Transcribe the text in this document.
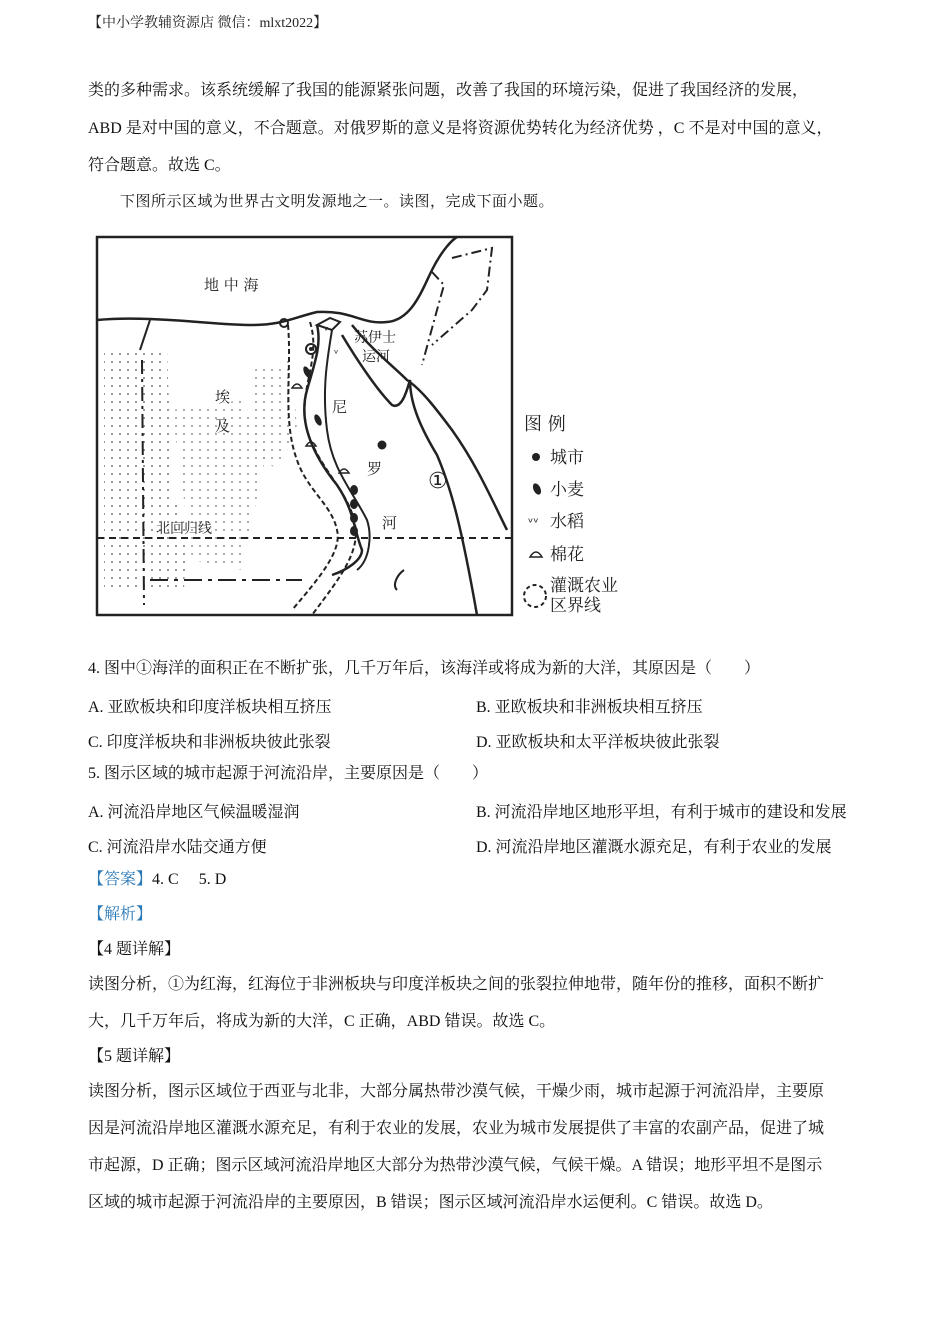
【中小学教辅资源店 微信：mlxt2022】
类的多种需求。该系统缓解了我国的能源紧张问题，改善了我国的环境污染，促进了我国经济的发展，
ABD 是对中国的意义，不合题意。对俄罗斯的意义是将资源优势转化为经济优势 ，C 不是对中国的意义，
符合题意。故选 C。
下图所示区域为世界古文明发源地之一。读图，完成下面小题。
ᵛ
ᵛ
地 中 海
苏伊士
运河
埃
及
尼
罗
河
北回归线
①
图 例
城市
小麦
ᵛᵛ 水稻
棉花
灌溉农业
区界线
4. 图中①海洋的面积正在不断扩张，几千万年后，该海洋或将成为新的大洋，其原因是（　　）
A. 亚欧板块和印度洋板块相互挤压	B. 亚欧板块和非洲板块相互挤压
C. 印度洋板块和非洲板块彼此张裂	D. 亚欧板块和太平洋板块彼此张裂
5. 图示区域的城市起源于河流沿岸，主要原因是（　　）
A. 河流沿岸地区气候温暖湿润	B. 河流沿岸地区地形平坦，有利于城市的建设和发展
C. 河流沿岸水陆交通方便	D. 河流沿岸地区灌溉水源充足，有利于农业的发展
【答案】4. C　 5. D
【解析】
【4 题详解】
读图分析，①为红海，红海位于非洲板块与印度洋板块之间的张裂拉伸地带，随年份的推移，面积不断扩
大，几千万年后，将成为新的大洋，C 正确，ABD 错误。故选 C。
【5 题详解】
读图分析，图示区域位于西亚与北非，大部分属热带沙漠气候，干燥少雨，城市起源于河流沿岸，主要原
因是河流沿岸地区灌溉水源充足，有利于农业的发展，农业为城市发展提供了丰富的农副产品，促进了城
市起源，D 正确；图示区域河流沿岸地区大部分为热带沙漠气候，气候干燥。A 错误；地形平坦不是图示
区域的城市起源于河流沿岸的主要原因，B 错误；图示区域河流沿岸水运便利。C 错误。故选 D。
